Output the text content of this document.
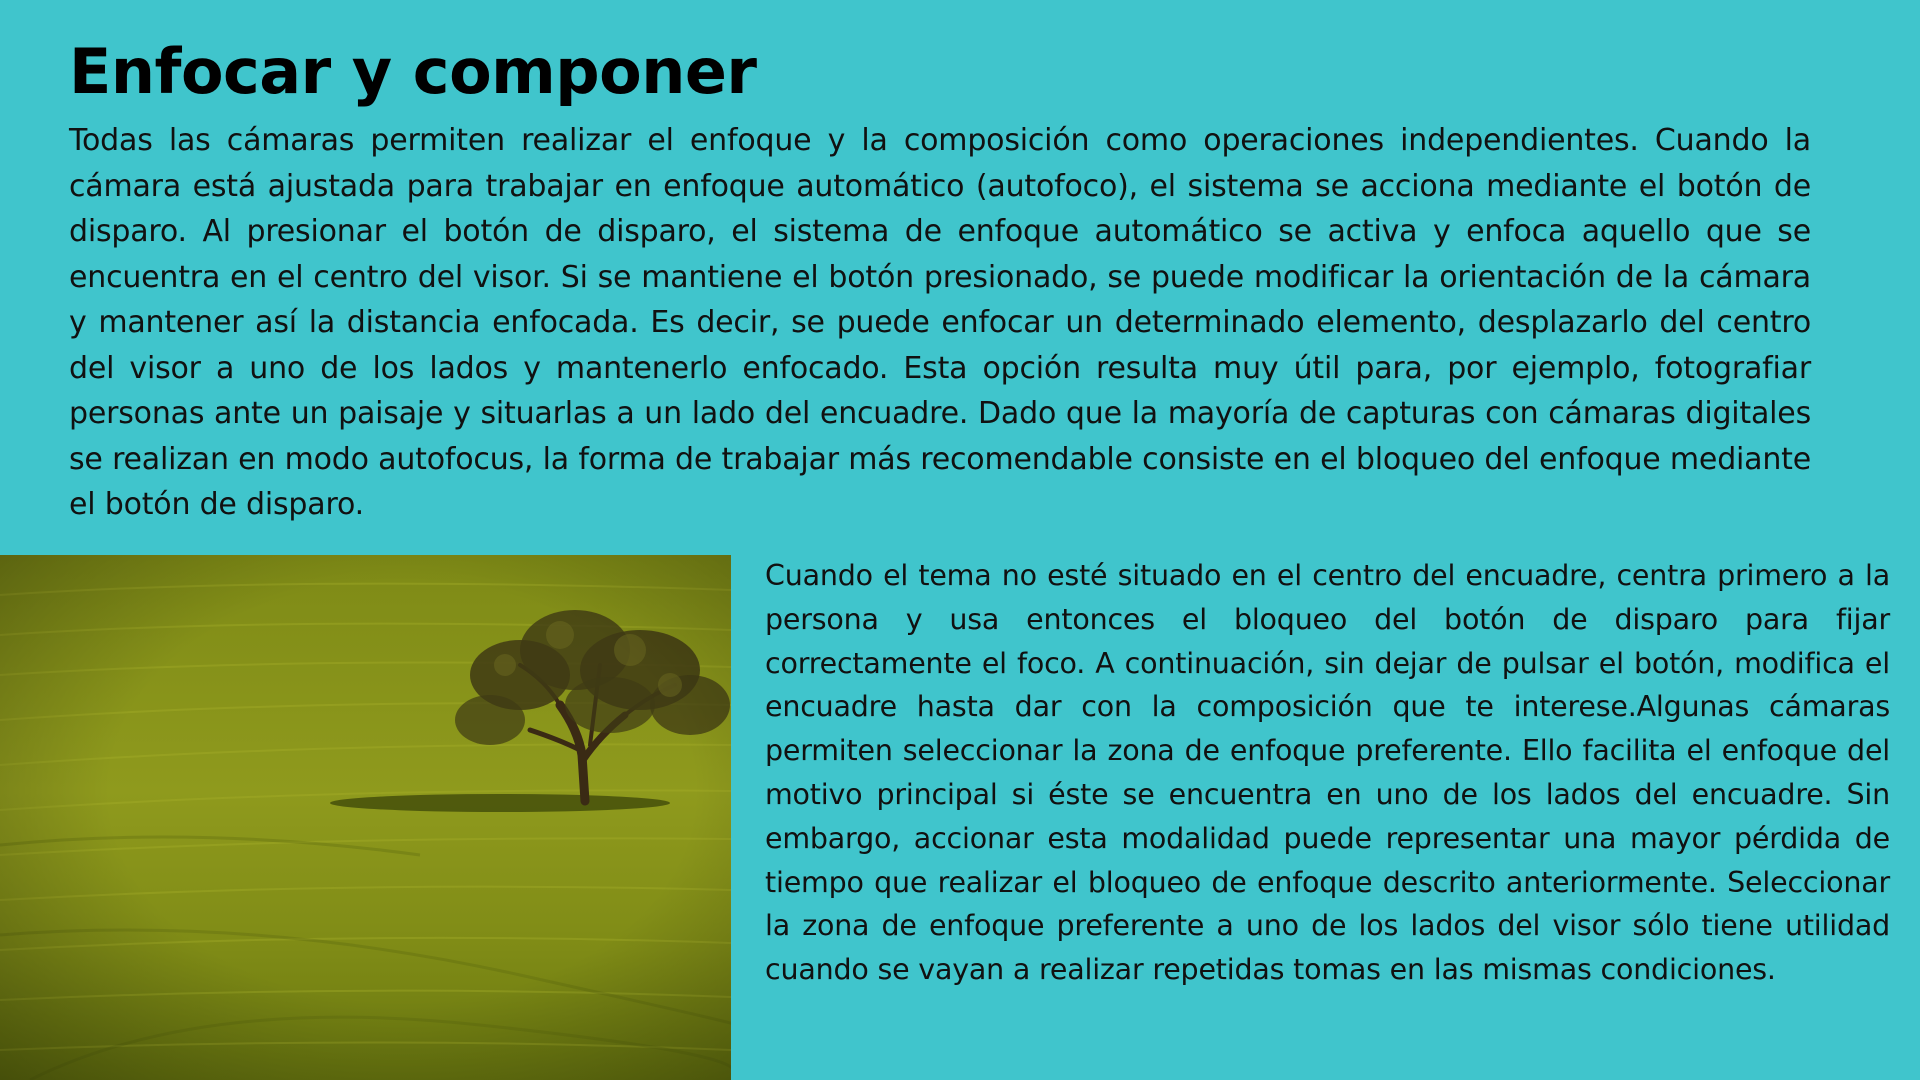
Enfocar y componer

Todas las cámaras permiten realizar el enfoque y la composición como operaciones independientes. Cuando la cámara está ajustada para trabajar en enfoque automático (autofoco), el sistema se acciona mediante el botón de disparo. Al presionar el botón de disparo, el sistema de enfoque automático se activa y enfoca aquello que se encuentra en el centro del visor. Si se mantiene el botón presionado, se puede modificar la orientación de la cámara y mantener así la distancia enfocada. Es decir, se puede enfocar un determinado elemento, desplazarlo del centro del visor a uno de los lados y mantenerlo enfocado. Esta opción resulta muy útil para, por ejemplo, fotografiar personas ante un paisaje y situarlas a un lado del encuadre. Dado que la mayoría de capturas con cámaras digitales se realizan en modo autofocus, la forma de trabajar más recomendable consiste en el bloqueo del enfoque mediante el botón de disparo.

Cuando el tema no esté situado en el centro del encuadre, centra primero a la persona y usa entonces el bloqueo del botón de disparo para fijar correctamente el foco. A continuación, sin dejar de pulsar el botón, modifica el encuadre hasta dar con la composición que te interese.Algunas cámaras permiten seleccionar la zona de enfoque preferente. Ello facilita el enfoque del motivo principal si éste se encuentra en uno de los lados del encuadre. Sin embargo, accionar esta modalidad puede representar una mayor pérdida de tiempo que realizar el bloqueo de enfoque descrito anteriormente. Seleccionar la zona de enfoque preferente a uno de los lados del visor sólo tiene utilidad cuando se vayan a realizar repetidas tomas en las mismas condiciones.
